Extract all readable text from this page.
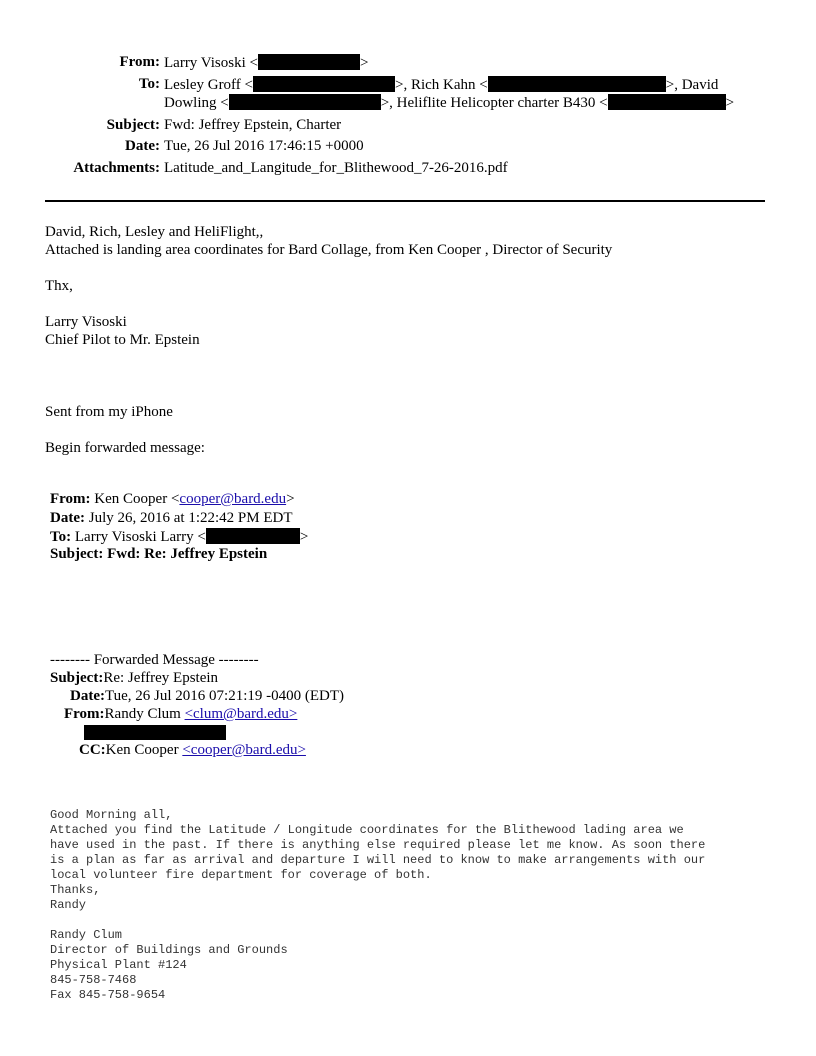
From: Larry Visoski <	>
To: Lesley Groff <	>, Rich Kahn <	>, David
Dowling <	>, Heliflite Helicopter charter B430 <	>
Subject: Fwd: Jeffrey Epstein, Charter
Date: Tue, 26 Jul 2016 17:46:15 +0000
Attachments: Latitude_and_Langitude_for_Blithewood_7-26-2016.pdf
David, Rich, Lesley and HeliFlight,,
Attached is landing area coordinates for Bard Collage, from Ken Cooper , Director of Security
Thx,
Larry Visoski
Chief Pilot to Mr. Epstein
Sent from my iPhone
Begin forwarded message:
From: Ken Cooper <cooper@bard.edu>
Date: July 26, 2016 at 1:22:42 PM EDT
To: Larry Visoski Larry <	>
Subject: Fwd: Re: Jeffrey Epstein
-------- Forwarded Message --------
Subject:Re: Jeffrey Epstein
Date:Tue, 26 Jul 2016 07:21:19 -0400 (EDT)
From:Randy Clum <clum@bard.edu>
CC:Ken Cooper <cooper@bard.edu>
Good Morning all,
Attached you find the Latitude / Longitude coordinates for the Blithewood lading area we
have used in the past. If there is anything else required please let me know. As soon there
is a plan as far as arrival and departure I will need to know to make arrangements with our
local volunteer fire department for coverage of both.
Thanks,
Randy

Randy Clum
Director of Buildings and Grounds
Physical Plant #124
845-758-7468
Fax 845-758-9654
